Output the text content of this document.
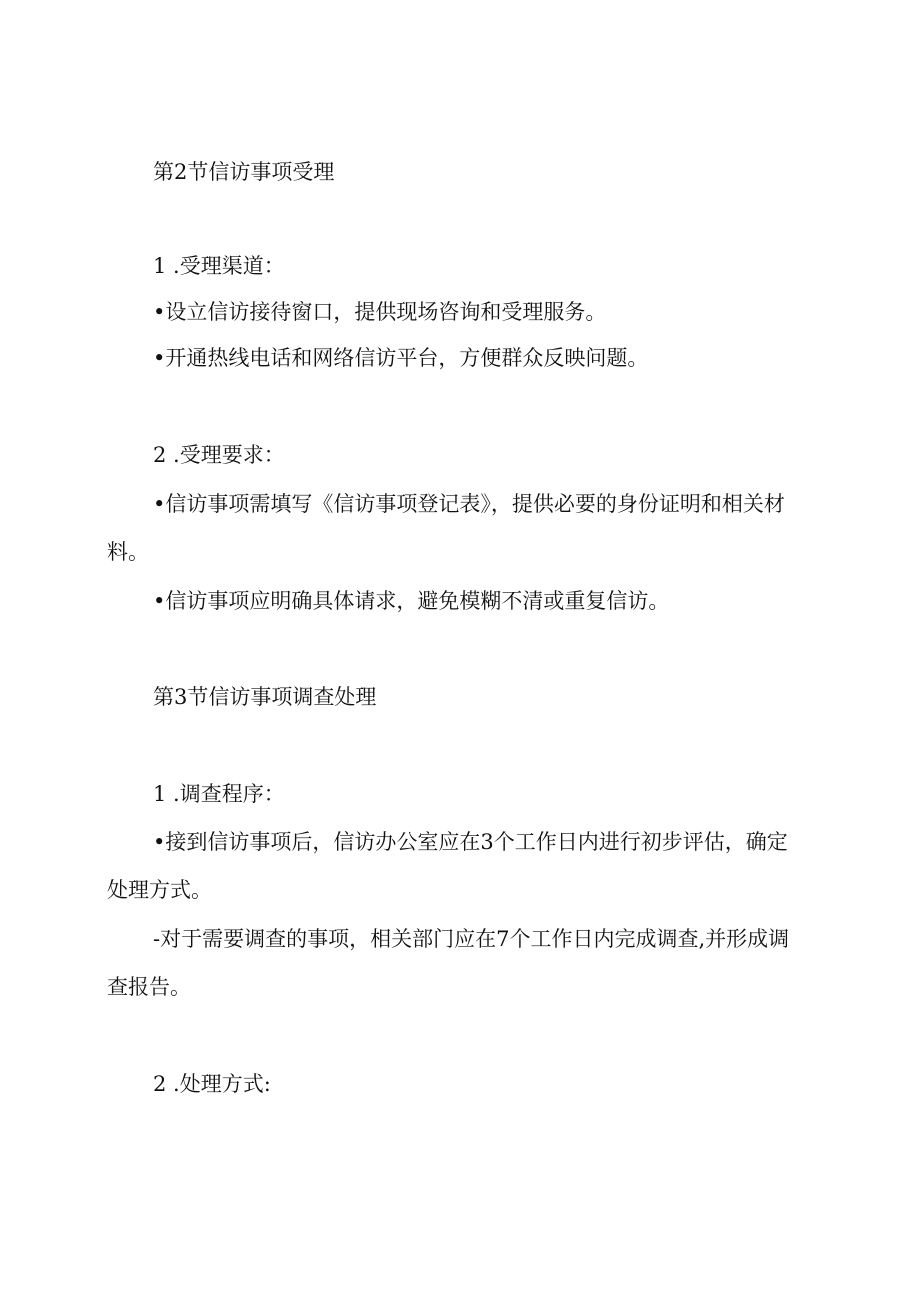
第2节信访事项受理

1 .受理渠道：

•设立信访接待窗口，提供现场咨询和受理服务。

•开通热线电话和网络信访平台，方便群众反映问题。

2 .受理要求：

•信访事项需填写《信访事项登记表》，提供必要的身份证明和相关材

料。

•信访事项应明确具体请求，避免模糊不清或重复信访。

第3节信访事项调查处理

1 .调查程序：

•接到信访事项后，信访办公室应在3个工作日内进行初步评估，确定

处理方式。

-对于需要调查的事项，相关部门应在7个工作日内完成调查,并形成调

查报告。

2 .处理方式:
